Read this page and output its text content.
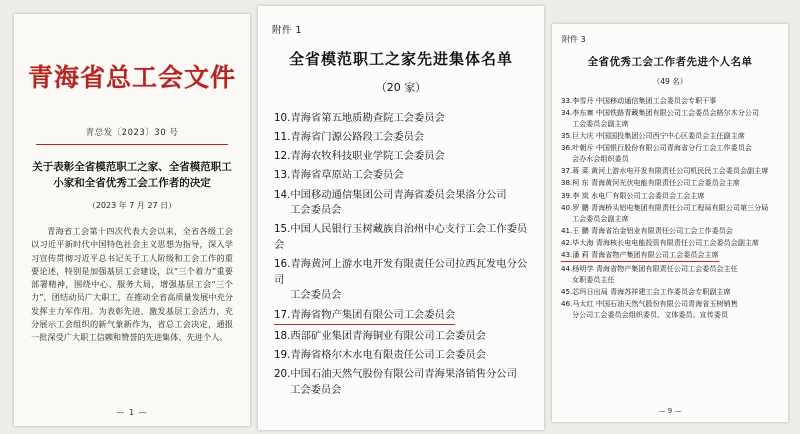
青海省总工会文件
青总发〔2023〕30 号
关于表彰全省模范职工之家、全省模范职工小家和全省优秀工会工作者的决定
（2023 年 7 月 27 日）
青海省工会第十四次代表大会以来，全省各级工会以习近平新时代中国特色社会主义思想为指导，深入学习宣传贯彻习近平总书记关于工人阶级和工会工作的重要论述，特别是加强基层工会建设，以“三个着力”重要部署精神，围绕中心、服务大局，增强基层工会“三个力”，团结动员广大职工，在推动全省高质量发展中充分发挥主力军作用。为表彰先进、激发基层工会活力，充分展示工会组织的新气象新作为，省总工会决定，通报一批深受广大职工信赖和赞誉的先进集体、先进个人。
— 1 —
附件 1
全省模范职工之家先进集体名单
（20 家）
10.青海省第五地质勘查院工会委员会
11.青海省门源公路段工会委员会
12.青海农牧科技职业学院工会委员会
13.青海省草原站工会委员会
14.中国移动通信集团公司青海省委员会果洛分公司
工会委员会
15.中国人民银行玉树藏族自治州中心支行工会工作委员会
16.青海黄河上游水电开发有限责任公司拉西瓦发电分公司
工会委员会
17.青海省物产集团有限公司工会委员会
18.西部矿业集团青海铜业有限公司工会委员会
19.青海省格尔木水电有限责任公司工会委员会
20.中国石油天然气股份有限公司青海果洛销售分公司
工会委员会
附件 3
全省优秀工会工作者先进个人名单
（49 名）
33.李雪丹 中国移动通信集团工会委员会专职干事
34.李东寨 中国铁路青藏集团有限公司工会委员会格尔木分公司
工会委员会副主席
35.巨大庆 中国国投集团公司西宁中心区委员会主任副主席
36.叶朝斥 中国银行股份有限公司青海省分行工会工作委员会
会办水会组织委员
37.蒋 菜 黄河上游水电开发有限责任公司机民民工会委员会副主席
38.柯 东 青海黄河光伏电能有限责任公司工会委员会主席
39.李 岚 水电厂有限公司工会委员会工会主席
40.罗 鹏 青海桥头铝电集团有限责任公司工程局有限公司第三分局
工会委员会副主席
41.王 鹏 青海省冶金铝业有限责任公司工会工作委员会
42.毕大海 青海核长电电能投资有限责任公司工会委员会副主席
43.潘 莉 青海省物产集团有限公司工会委员会主席
44.杨明学 青海省物产集团有限责任公司工会委员会主任
女职委员主任
45.芯玛日出局 青海苏祥建工会工作委员会专职副主席
46.马太红 中国石油天然气股份有限公司青海省玉树销售
分公司工会委员会组织委员、文体委员、宣传委员
— 9 —
